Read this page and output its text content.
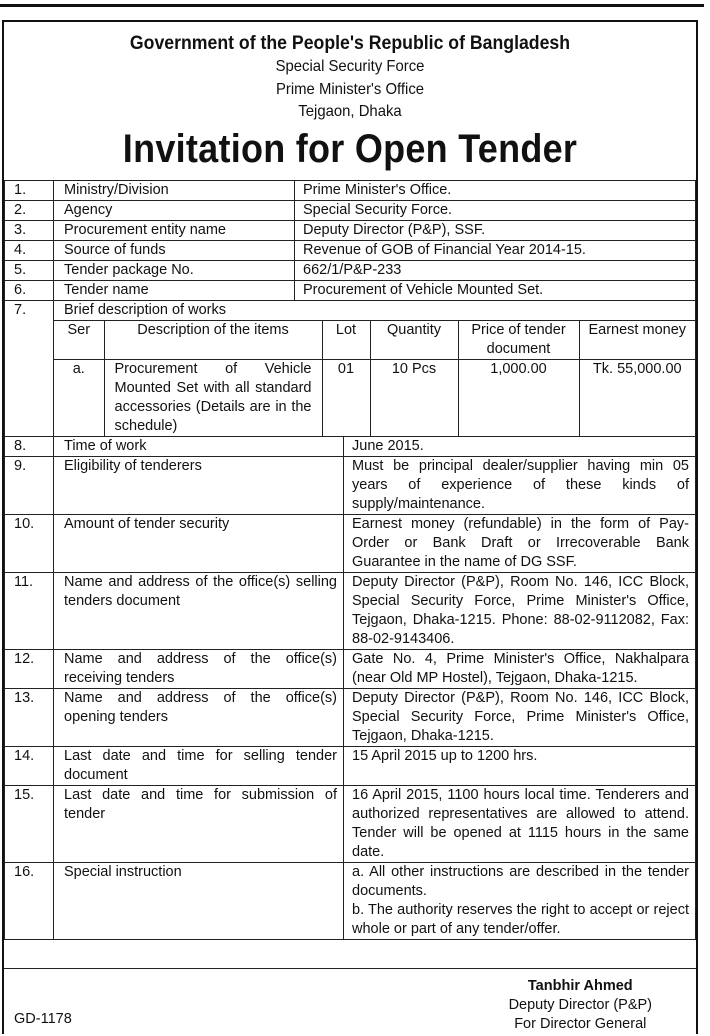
Government of the People's Republic of Bangladesh
Special Security Force
Prime Minister's Office
Tejgaon, Dhaka
Invitation for Open Tender
1.	Ministry/Division	Prime Minister's Office.
2.	Agency	Special Security Force.
3.	Procurement entity name	Deputy Director (P&P), SSF.
4.	Source of funds	Revenue of GOB of Financial Year 2014-15.
5.	Tender package No.	662/1/P&P-233
6.	Tender name	Procurement of Vehicle Mounted Set.
7.	Brief description of works
Ser	Description of the items	Lot	Quantity	Price of tender document	Earnest money
a.	Procurement of Vehicle Mounted Set with all standard accessories (Details are in the schedule)	01	10 Pcs	1,000.00	Tk. 55,000.00

8.	Time of work	June 2015.
9.	Eligibility of tenderers	Must be principal dealer/supplier having min 05 years of experience of these kinds of supply/maintenance.
10.	Amount of tender security	Earnest money (refundable) in the form of Pay-Order or Bank Draft or Irrecoverable Bank Guarantee in the name of DG SSF.
11.	Name and address of the office(s) selling tenders document	Deputy Director (P&P), Room No. 146, ICC Block, Special Security Force, Prime Minister's Office, Tejgaon, Dhaka-1215. Phone: 88-02-9112082, Fax: 88-02-9143406.
12.	Name and address of the office(s) receiving tenders	Gate No. 4, Prime Minister's Office, Nakhalpara (near Old MP Hostel), Tejgaon, Dhaka-1215.
13.	Name and address of the office(s) opening tenders	Deputy Director (P&P), Room No. 146, ICC Block, Special Security Force, Prime Minister's Office, Tejgaon, Dhaka-1215.
14.	Last date and time for selling tender document	15 April 2015 up to 1200 hrs.
15.	Last date and time for submission of tender	16 April 2015, 1100 hours local time. Tenderers and authorized representatives are allowed to attend. Tender will be opened at 1115 hours in the same date.
16.	Special instruction	a. All other instructions are described in the tender documents.

b. The authority reserves the right to accept or reject whole or part of any tender/offer.

GD-1178
Tanbhir Ahmed
Deputy Director (P&P)
For Director General
